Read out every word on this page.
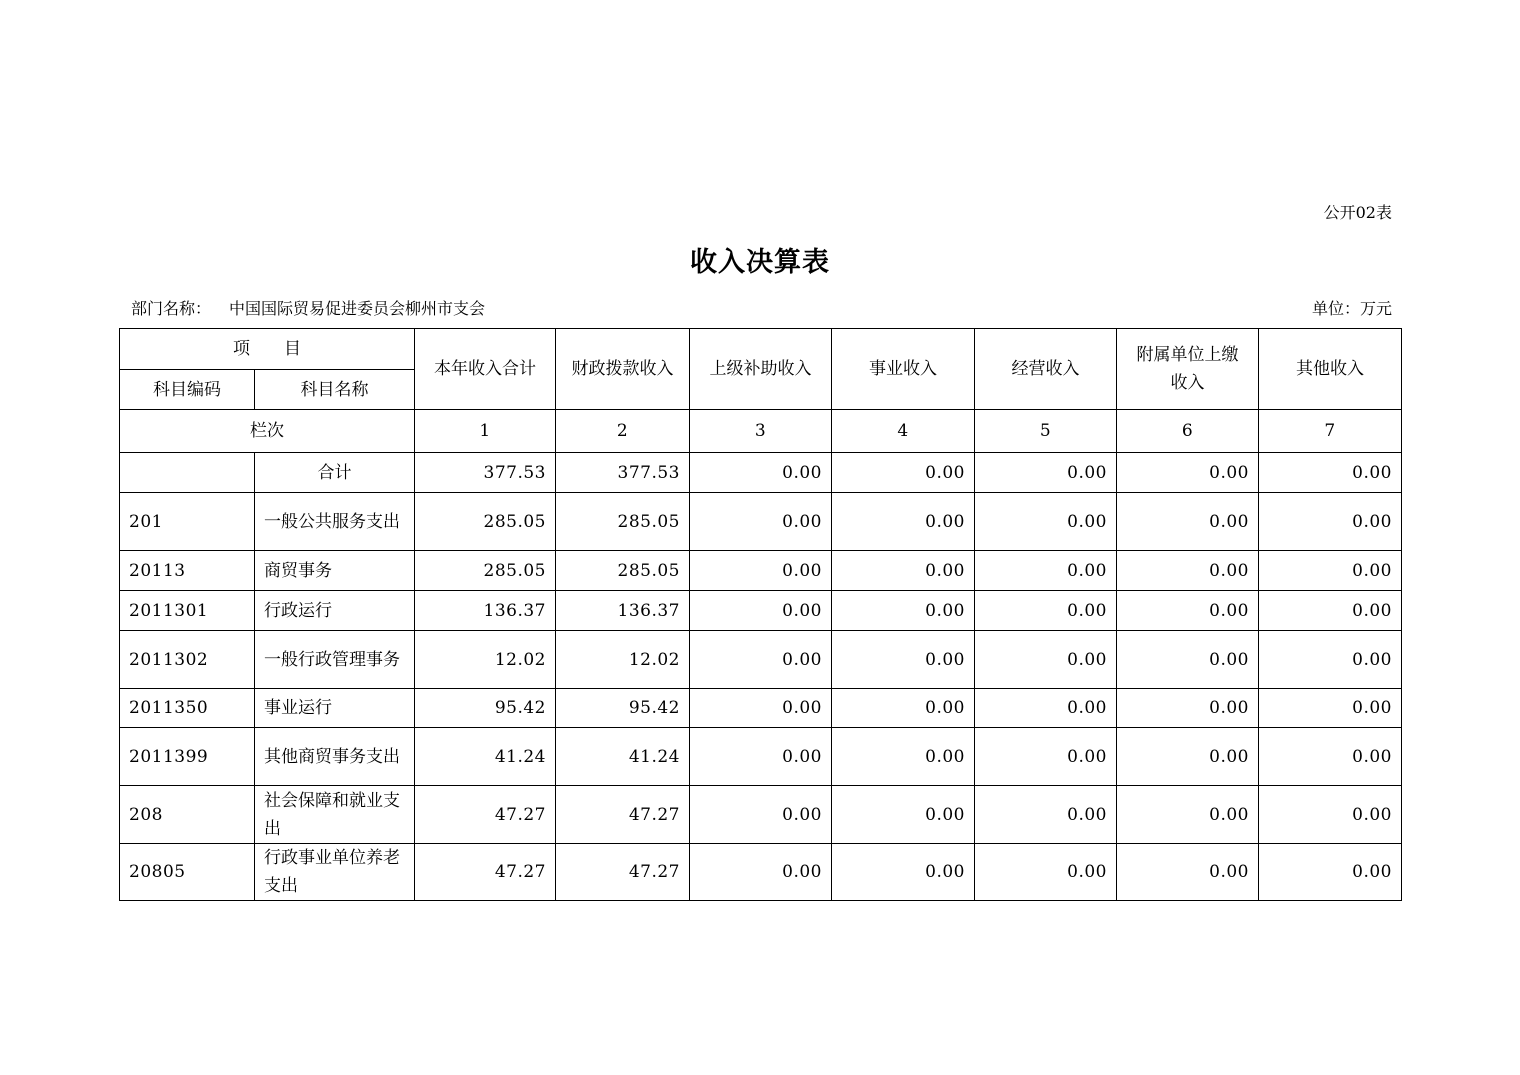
公开02表
收入决算表
部门名称： 中国国际贸易促进委员会柳州市支会	单位：万元
项　　目		本年收入合计	财政拨款收入	上级补助收入	事业收入	经营收入	附属单位上缴收入	其他收入
科目编码	科目名称							
栏次		1	2	3	4	5	6	7
	合计	377.53	377.53	0.00	0.00	0.00	0.00	0.00
201	一般公共服务支出	285.05	285.05	0.00	0.00	0.00	0.00	0.00
20113	商贸事务	285.05	285.05	0.00	0.00	0.00	0.00	0.00
2011301	行政运行	136.37	136.37	0.00	0.00	0.00	0.00	0.00
2011302	一般行政管理事务	12.02	12.02	0.00	0.00	0.00	0.00	0.00
2011350	事业运行	95.42	95.42	0.00	0.00	0.00	0.00	0.00
2011399	其他商贸事务支出	41.24	41.24	0.00	0.00	0.00	0.00	0.00
208	社会保障和就业支出	47.27	47.27	0.00	0.00	0.00	0.00	0.00
20805	行政事业单位养老支出	47.27	47.27	0.00	0.00	0.00	0.00	0.00
